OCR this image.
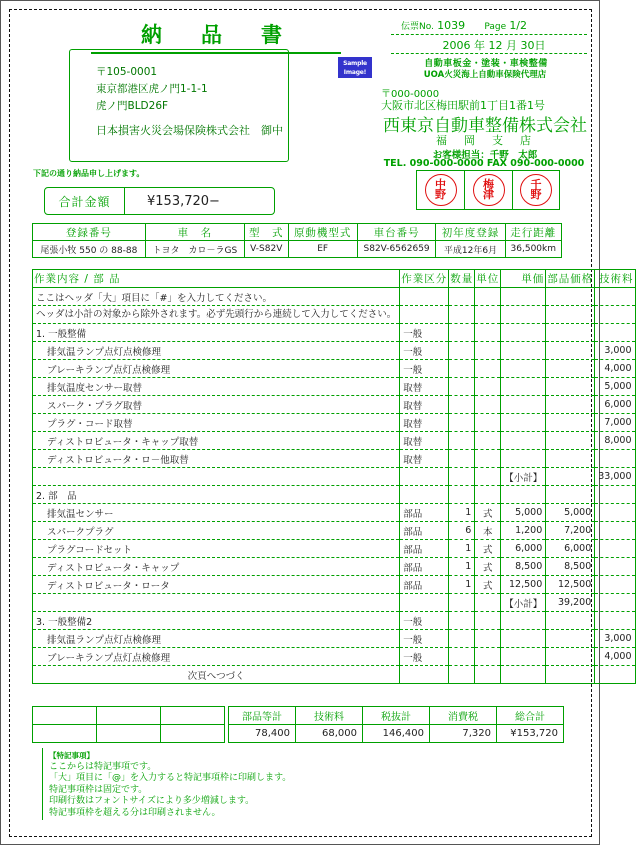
納　品　書
〒105-0001
東京都港区虎ノ門1-1-1
虎ノ門BLD26F
日本損害火災会場保険株式会社　御中
伝票No. 1039 Page 1/2
2006 年 12 月 30日
Sample
Image!
自動車板金・塗装・車検整備
UOA火災海上自動車保険代理店
〒000-0000
大阪市北区梅田駅前1丁目1番1号
西東京自動車整備株式会社
福　岡　支　店
お客様担当：千野　太郎
TEL. 090-000-0000 FAX 090-000-0000
中
野
梅
津
千
野
下記の通り納品申し上げます。
合計金額	¥153,720−
登録番号	車　名	型　式	原動機型式	車台番号	初年度登録	走行距離
尾張小牧 550 の 88-88	トヨタ　カロ－ラGS	V-S82V	EF	S82V-6562659	平成12年6月	36,500km
作業内容 / 部 品	作業区分	数量	単位	単価	部品価格	技術料
ここはヘッダ「大」項目に「#」を入力してください。						
ヘッダは小計の対象から除外されます。必ず先頭行から連続して入力してください。						
1. 一般整備	一般					
排気温ランプ点灯点検修理	一般					3,000
ブレーキランプ点灯点検修理	一般					4,000
排気温度センサー取替	取替					5,000
スパーク・プラグ取替	取替					6,000
プラグ・コード取替	取替					7,000
ディストロビュータ・キャップ取替	取替					8,000
ディストロビュータ・ロ－他取替	取替					
				【小計】		33,000
2. 部　品						
排気温センサー	部品	1	式	5,000	5,000	
スパークプラグ	部品	6	本	1,200	7,200	
プラグコードセット	部品	1	式	6,000	6,000	
ディストロビュータ・キャップ	部品	1	式	8,500	8,500	
ディストロビュータ・ロータ	部品	1	式	12,500	12,500	
				【小計】	39,200	
3. 一般整備2	一般					
排気温ランプ点灯点検修理	一般					3,000
ブレーキランプ点灯点検修理	一般					4,000
次頁へつづく						

部品等計	技術料	税抜計	消費税	総合計
78,400	68,000	146,400	7,320	¥153,720
【特記事項】
ここからは特記事項です。
「大」項目に「@」を入力すると特記事項枠に印刷します。
特記事項枠は固定です。
印刷行数はフォントサイズにより多少増減します。
特記事項枠を超える分は印刷されません。
